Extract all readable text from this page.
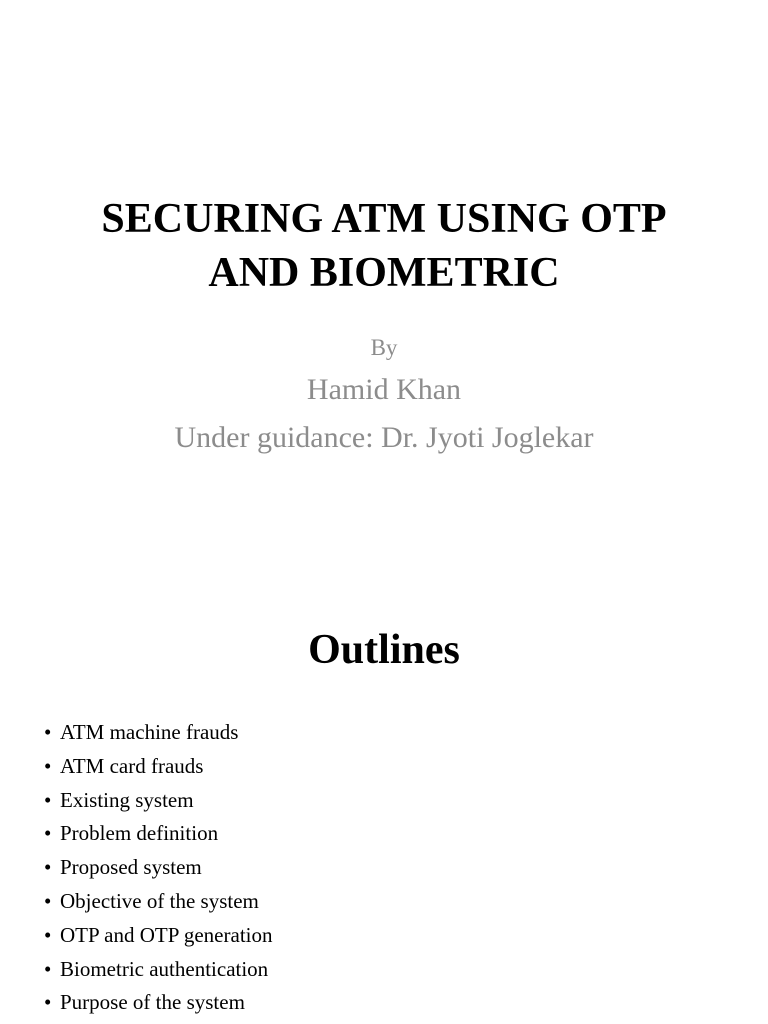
SECURING ATM USING OTP
AND BIOMETRIC

By

Hamid Khan

Under guidance: Dr. Jyoti Joglekar

Outlines
• ATM machine frauds
• ATM card frauds
• Existing system
• Problem definition
• Proposed system
• Objective of the system
• OTP and OTP generation
• Biometric authentication
• Purpose of the system
